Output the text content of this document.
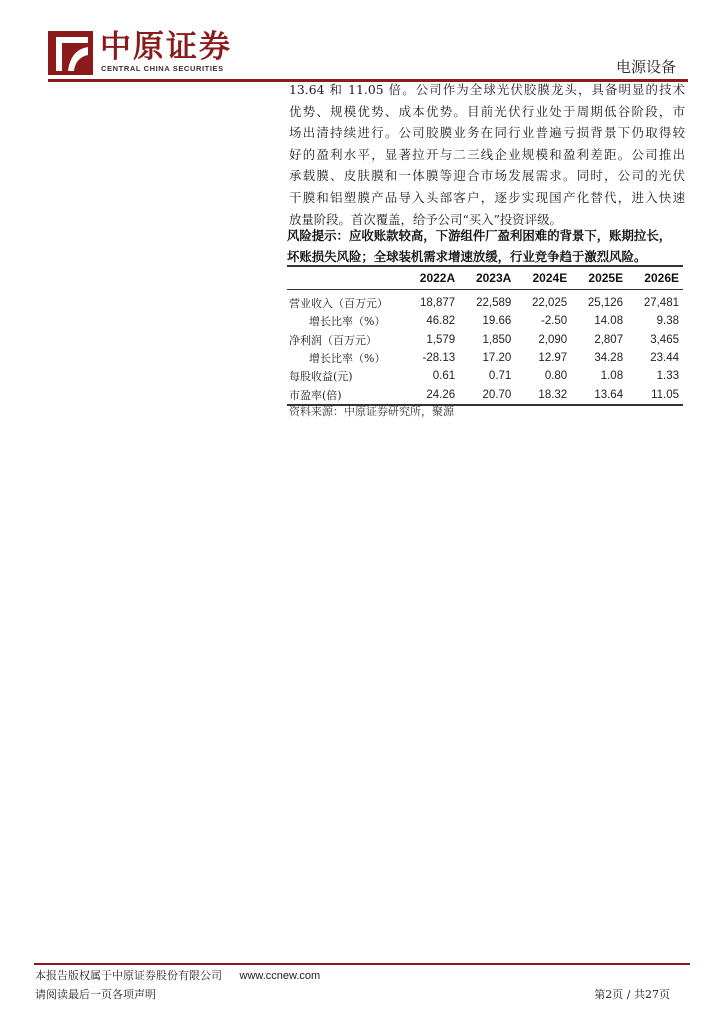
中原证券
CENTRAL CHINA SECURITIES	电源设备
13.64 和 11.05 倍。公司作为全球光伏胶膜龙头，具备明显的技术
优势、规模优势、成本优势。目前光伏行业处于周期低谷阶段，市
场出清持续进行。公司胶膜业务在同行业普遍亏损背景下仍取得较
好的盈利水平，显著拉开与二三线企业规模和盈利差距。公司推出
承载膜、皮肤膜和一体膜等迎合市场发展需求。同时，公司的光伏
干膜和铝塑膜产品导入头部客户，逐步实现国产化替代，进入快速
放量阶段。首次覆盖，给予公司“买入”投资评级。
风险提示：应收账款较高，下游组件厂盈利困难的背景下，账期拉长，
坏账损失风险；全球装机需求增速放缓，行业竞争趋于激烈风险。
	2022A	2023A	2024E	2025E	2026E
营业收入（百万元）	18,877	22,589	22,025	25,126	27,481
增长比率（%）	46.82	19.66	-2.50	14.08	9.38
净利润（百万元）	1,579	1,850	2,090	2,807	3,465
增长比率（%）	-28.13	17.20	12.97	34.28	23.44
每股收益(元)	0.61	0.71	0.80	1.08	1.33
市盈率(倍)	24.26	20.70	18.32	13.64	11.05
资料来源：中原证券研究所，聚源
本报告版权属于中原证券股份有限公司 www.ccnew.com
请阅读最后一页各项声明	第2页 / 共27页
